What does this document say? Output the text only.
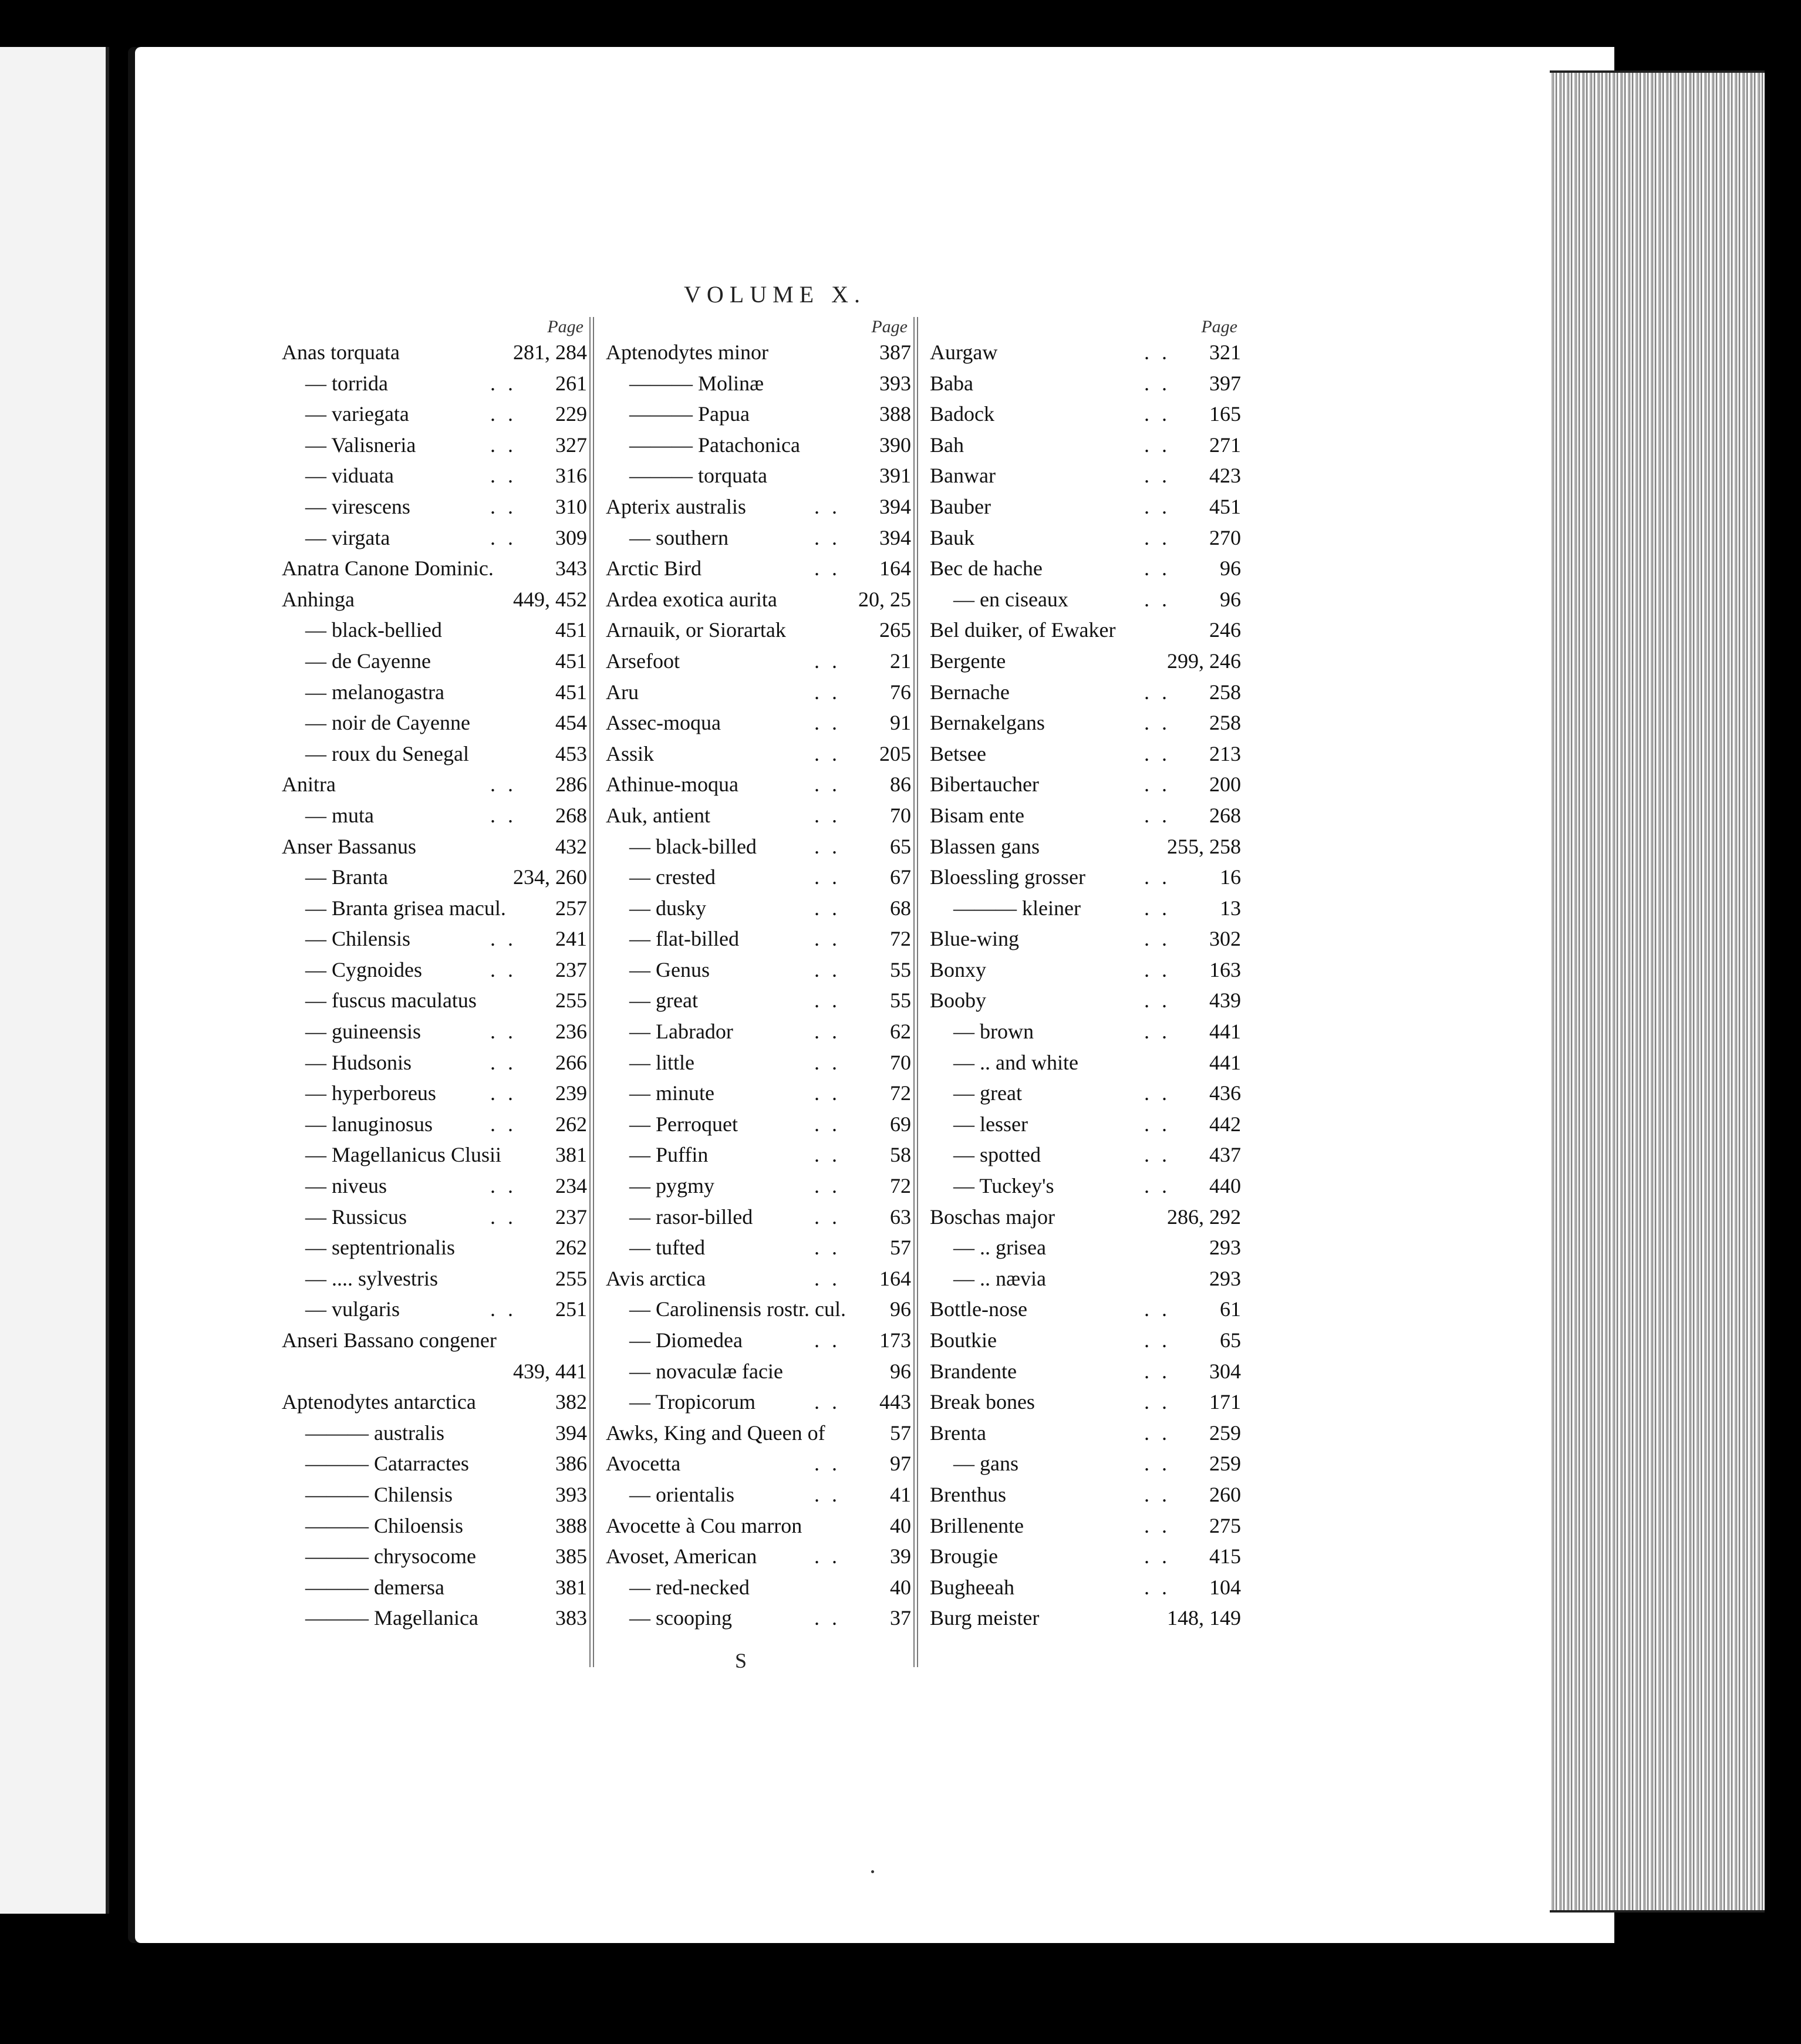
VOLUME X.
Page
Anas torquata	281, 284
— torrida	. . 261
— variegata	. . 229
— Valisneria	. . 327
— viduata	. . 316
— virescens	. . 310
— virgata	. . 309
Anatra Canone Dominic.	343
Anhinga	449, 452
— black-bellied	451
— de Cayenne	451
— melanogastra	451
— noir de Cayenne	454
— roux du Senegal	453
Anitra	. . 286
— muta	. . 268
Anser Bassanus	432
— Branta	234, 260
— Branta grisea macul. 257
— Chilensis	. . 241
— Cygnoides	. . 237
— fuscus maculatus	255
— guineensis	. . 236
— Hudsonis	. . 266
— hyperboreus	. . 239
— lanuginosus	. . 262
— Magellanicus Clusii	381
— niveus	. . 234
— Russicus	. . 237
— septentrionalis	262
— .... sylvestris	255
— vulgaris	. . 251
Anseri Bassano congener
439, 441
Aptenodytes antarctica	382
——— australis	394
——— Catarractes	386
——— Chilensis	393
——— Chiloensis	388
——— chrysocome	385
——— demersa	381
——— Magellanica	383
Page
Aptenodytes minor	387
——— Molinæ	393
——— Papua	388
——— Patachonica	390
——— torquata	391
Apterix australis	. . 394
— southern	. . 394
Arctic Bird	. . 164
Ardea exotica aurita	20, 25
Arnauik, or Siorartak	265
Arsefoot	. . 21
Aru	. . 76
Assec-moqua	. . 91
Assik	. . 205
Athinue-moqua	. . 86
Auk, antient	. . 70
— black-billed	. . 65
— crested	. . 67
— dusky	. . 68
— flat-billed	. . 72
— Genus	. . 55
— great	. . 55
— Labrador	. . 62
— little	. . 70
— minute	. . 72
— Perroquet	. . 69
— Puffin	. . 58
— pygmy	. . 72
— rasor-billed	. . 63
— tufted	. . 57
Avis arctica	. . 164
— Carolinensis rostr. cul. 96
— Diomedea	. . 173
— novaculæ facie	96
— Tropicorum	. . 443
Awks, King and Queen of	57
Avocetta	. . 97
— orientalis	. . 41
Avocette à Cou marron	40
Avoset, American	. . 39
— red-necked	40
— scooping	. . 37
Page
Aurgaw	. . 321
Baba	. . 397
Badock	. . 165
Bah	. . 271
Banwar	. . 423
Bauber	. . 451
Bauk	. . 270
Bec de hache	. . 96
— en ciseaux	. . 96
Bel duiker, of Ewaker	246
Bergente	299, 246
Bernache	. . 258
Bernakelgans	. . 258
Betsee	. . 213
Bibertaucher	. . 200
Bisam ente	. . 268
Blassen gans	255, 258
Bloessling grosser	. . 16
——— kleiner	. . 13
Blue-wing	. . 302
Bonxy	. . 163
Booby	. . 439
— brown	. . 441
— .. and white	441
— great	. . 436
— lesser	. . 442
— spotted	. . 437
— Tuckey's	. . 440
Boschas major	286, 292
— .. grisea	293
— .. nævia	293
Bottle-nose	. . 61
Boutkie	. . 65
Brandente	. . 304
Break bones	. . 171
Brenta	. . 259
— gans	. . 259
Brenthus	. . 260
Brillenente	. . 275
Brougie	. . 415
Bugheeah	. . 104
Burg meister	148, 149
S
